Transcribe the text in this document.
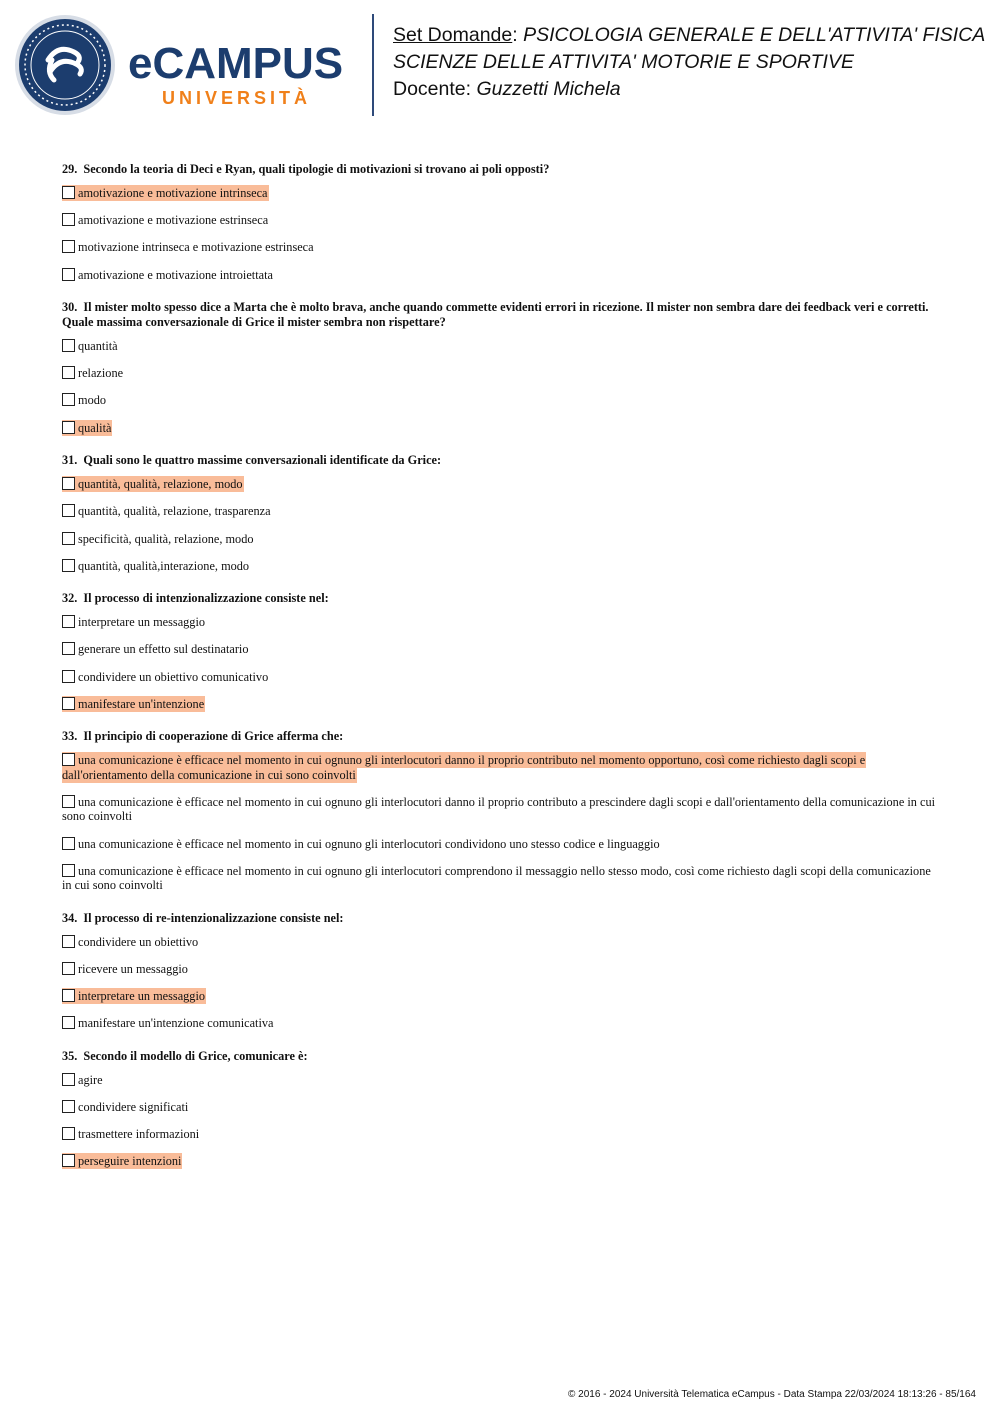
eCAMPUS
UNIVERSITÀ
Set Domande: PSICOLOGIA GENERALE E DELL'ATTIVITA' FISICA
SCIENZE DELLE ATTIVITA' MOTORIE E SPORTIVE
Docente: Guzzetti Michela
29. Secondo la teoria di Deci e Ryan, quali tipologie di motivazioni si trovano ai poli opposti?
amotivazione e motivazione intrinseca
amotivazione e motivazione estrinseca
motivazione intrinseca e motivazione estrinseca
amotivazione e motivazione introiettata
30. Il mister molto spesso dice a Marta che è molto brava, anche quando commette evidenti errori in ricezione. Il mister non sembra dare dei feedback veri e corretti. Quale massima conversazionale di Grice il mister sembra non rispettare?
quantità
relazione
modo
qualità
31. Quali sono le quattro massime conversazionali identificate da Grice:
quantità, qualità, relazione, modo
quantità, qualità, relazione, trasparenza
specificità, qualità, relazione, modo
quantità, qualità,interazione, modo
32. Il processo di intenzionalizzazione consiste nel:
interpretare un messaggio
generare un effetto sul destinatario
condividere un obiettivo comunicativo
manifestare un'intenzione
33. Il principio di cooperazione di Grice afferma che:
una comunicazione è efficace nel momento in cui ognuno gli interlocutori danno il proprio contributo nel momento opportuno, così come richiesto dagli scopi e dall'orientamento della comunicazione in cui sono coinvolti
una comunicazione è efficace nel momento in cui ognuno gli interlocutori danno il proprio contributo a prescindere dagli scopi e dall'orientamento della comunicazione in cui sono coinvolti
una comunicazione è efficace nel momento in cui ognuno gli interlocutori condividono uno stesso codice e linguaggio
una comunicazione è efficace nel momento in cui ognuno gli interlocutori comprendono il messaggio nello stesso modo, così come richiesto dagli scopi della comunicazione in cui sono coinvolti
34. Il processo di re-intenzionalizzazione consiste nel:
condividere un obiettivo
ricevere un messaggio
interpretare un messaggio
manifestare un'intenzione comunicativa
35. Secondo il modello di Grice, comunicare è:
agire
condividere significati
trasmettere informazioni
perseguire intenzioni
© 2016 - 2024 Università Telematica eCampus - Data Stampa 22/03/2024 18:13:26 - 85/164
